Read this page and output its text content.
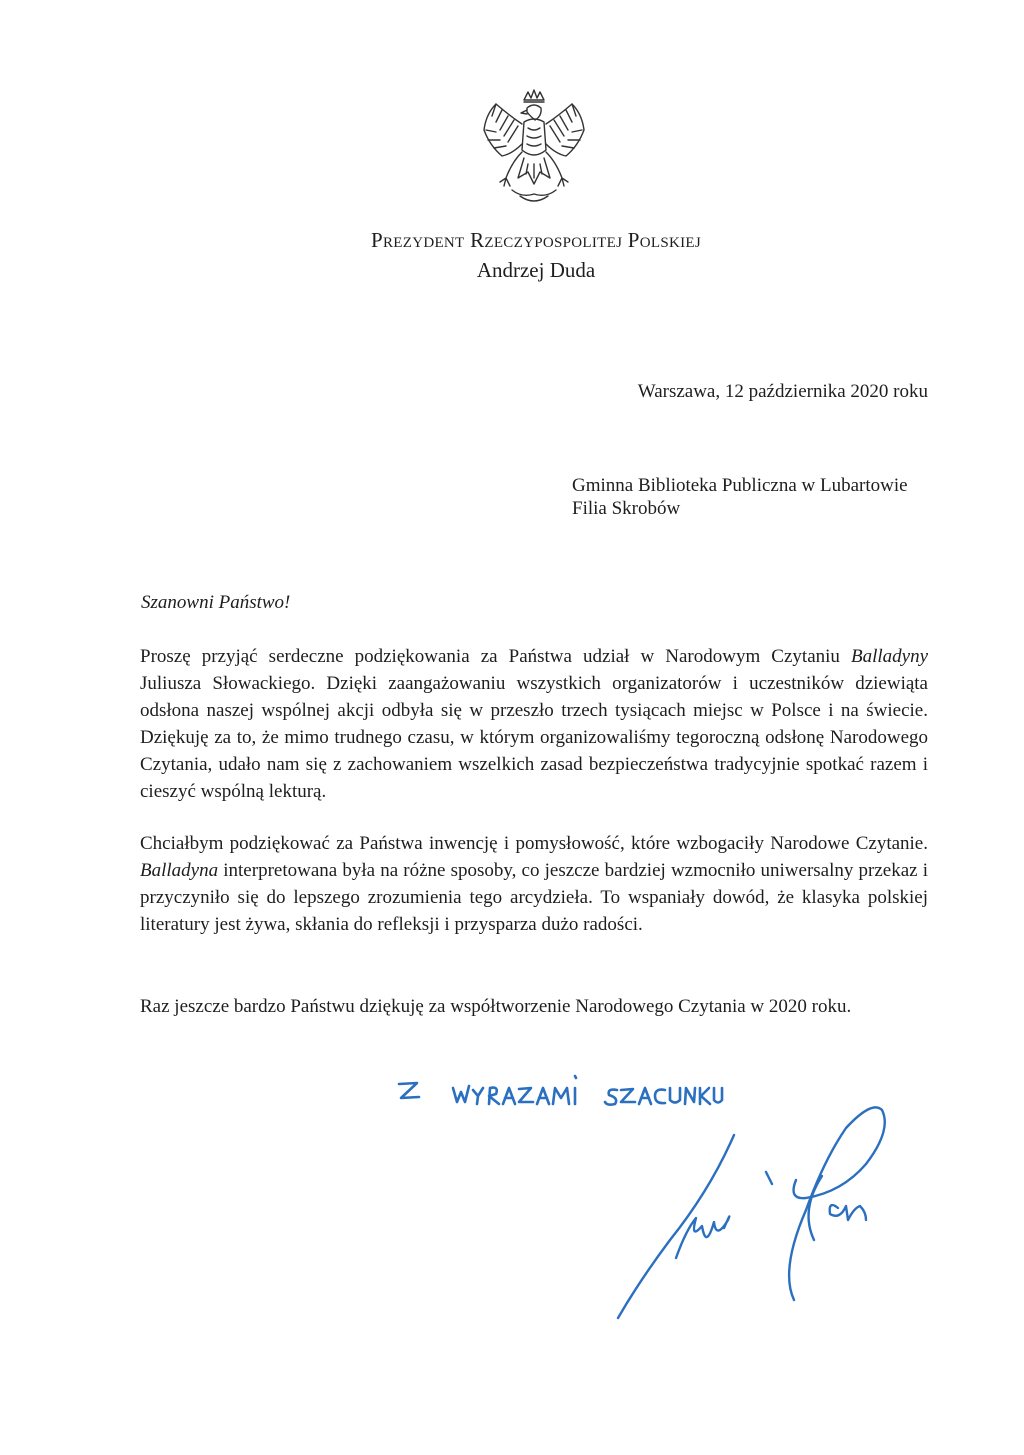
Prezydent Rzeczypospolitej Polskiej
Andrzej Duda
Warszawa, 12 października 2020 roku
Gminna Biblioteka Publiczna w Lubartowie
Filia Skrobów
Szanowni Państwo!

Proszę przyjąć serdeczne podziękowania za Państwa udział w Narodowym Czytaniu Balladyny Juliusza Słowackiego. Dzięki zaangażowaniu wszystkich organizatorów i uczestników dziewiąta odsłona naszej wspólnej akcji odbyła się w przeszło trzech tysiącach miejsc w Polsce i na świecie. Dziękuję za to, że mimo trudnego czasu, w którym organizowaliśmy tegoroczną odsłonę Narodowego Czytania, udało nam się z zachowaniem wszelkich zasad bezpieczeństwa tradycyjnie spotkać razem i cieszyć wspólną lekturą.

Chciałbym podziękować za Państwa inwencję i pomysłowość, które wzbogaciły Narodowe Czytanie. Balladyna interpretowana była na różne sposoby, co jeszcze bardziej wzmocniło uniwersalny przekaz i przyczyniło się do lepszego zrozumienia tego arcydzieła. To wspaniały dowód, że klasyka polskiej literatury jest żywa, skłania do refleksji i przysparza dużo radości.

Raz jeszcze bardzo Państwu dziękuję za współtworzenie Narodowego Czytania w 2020 roku.
